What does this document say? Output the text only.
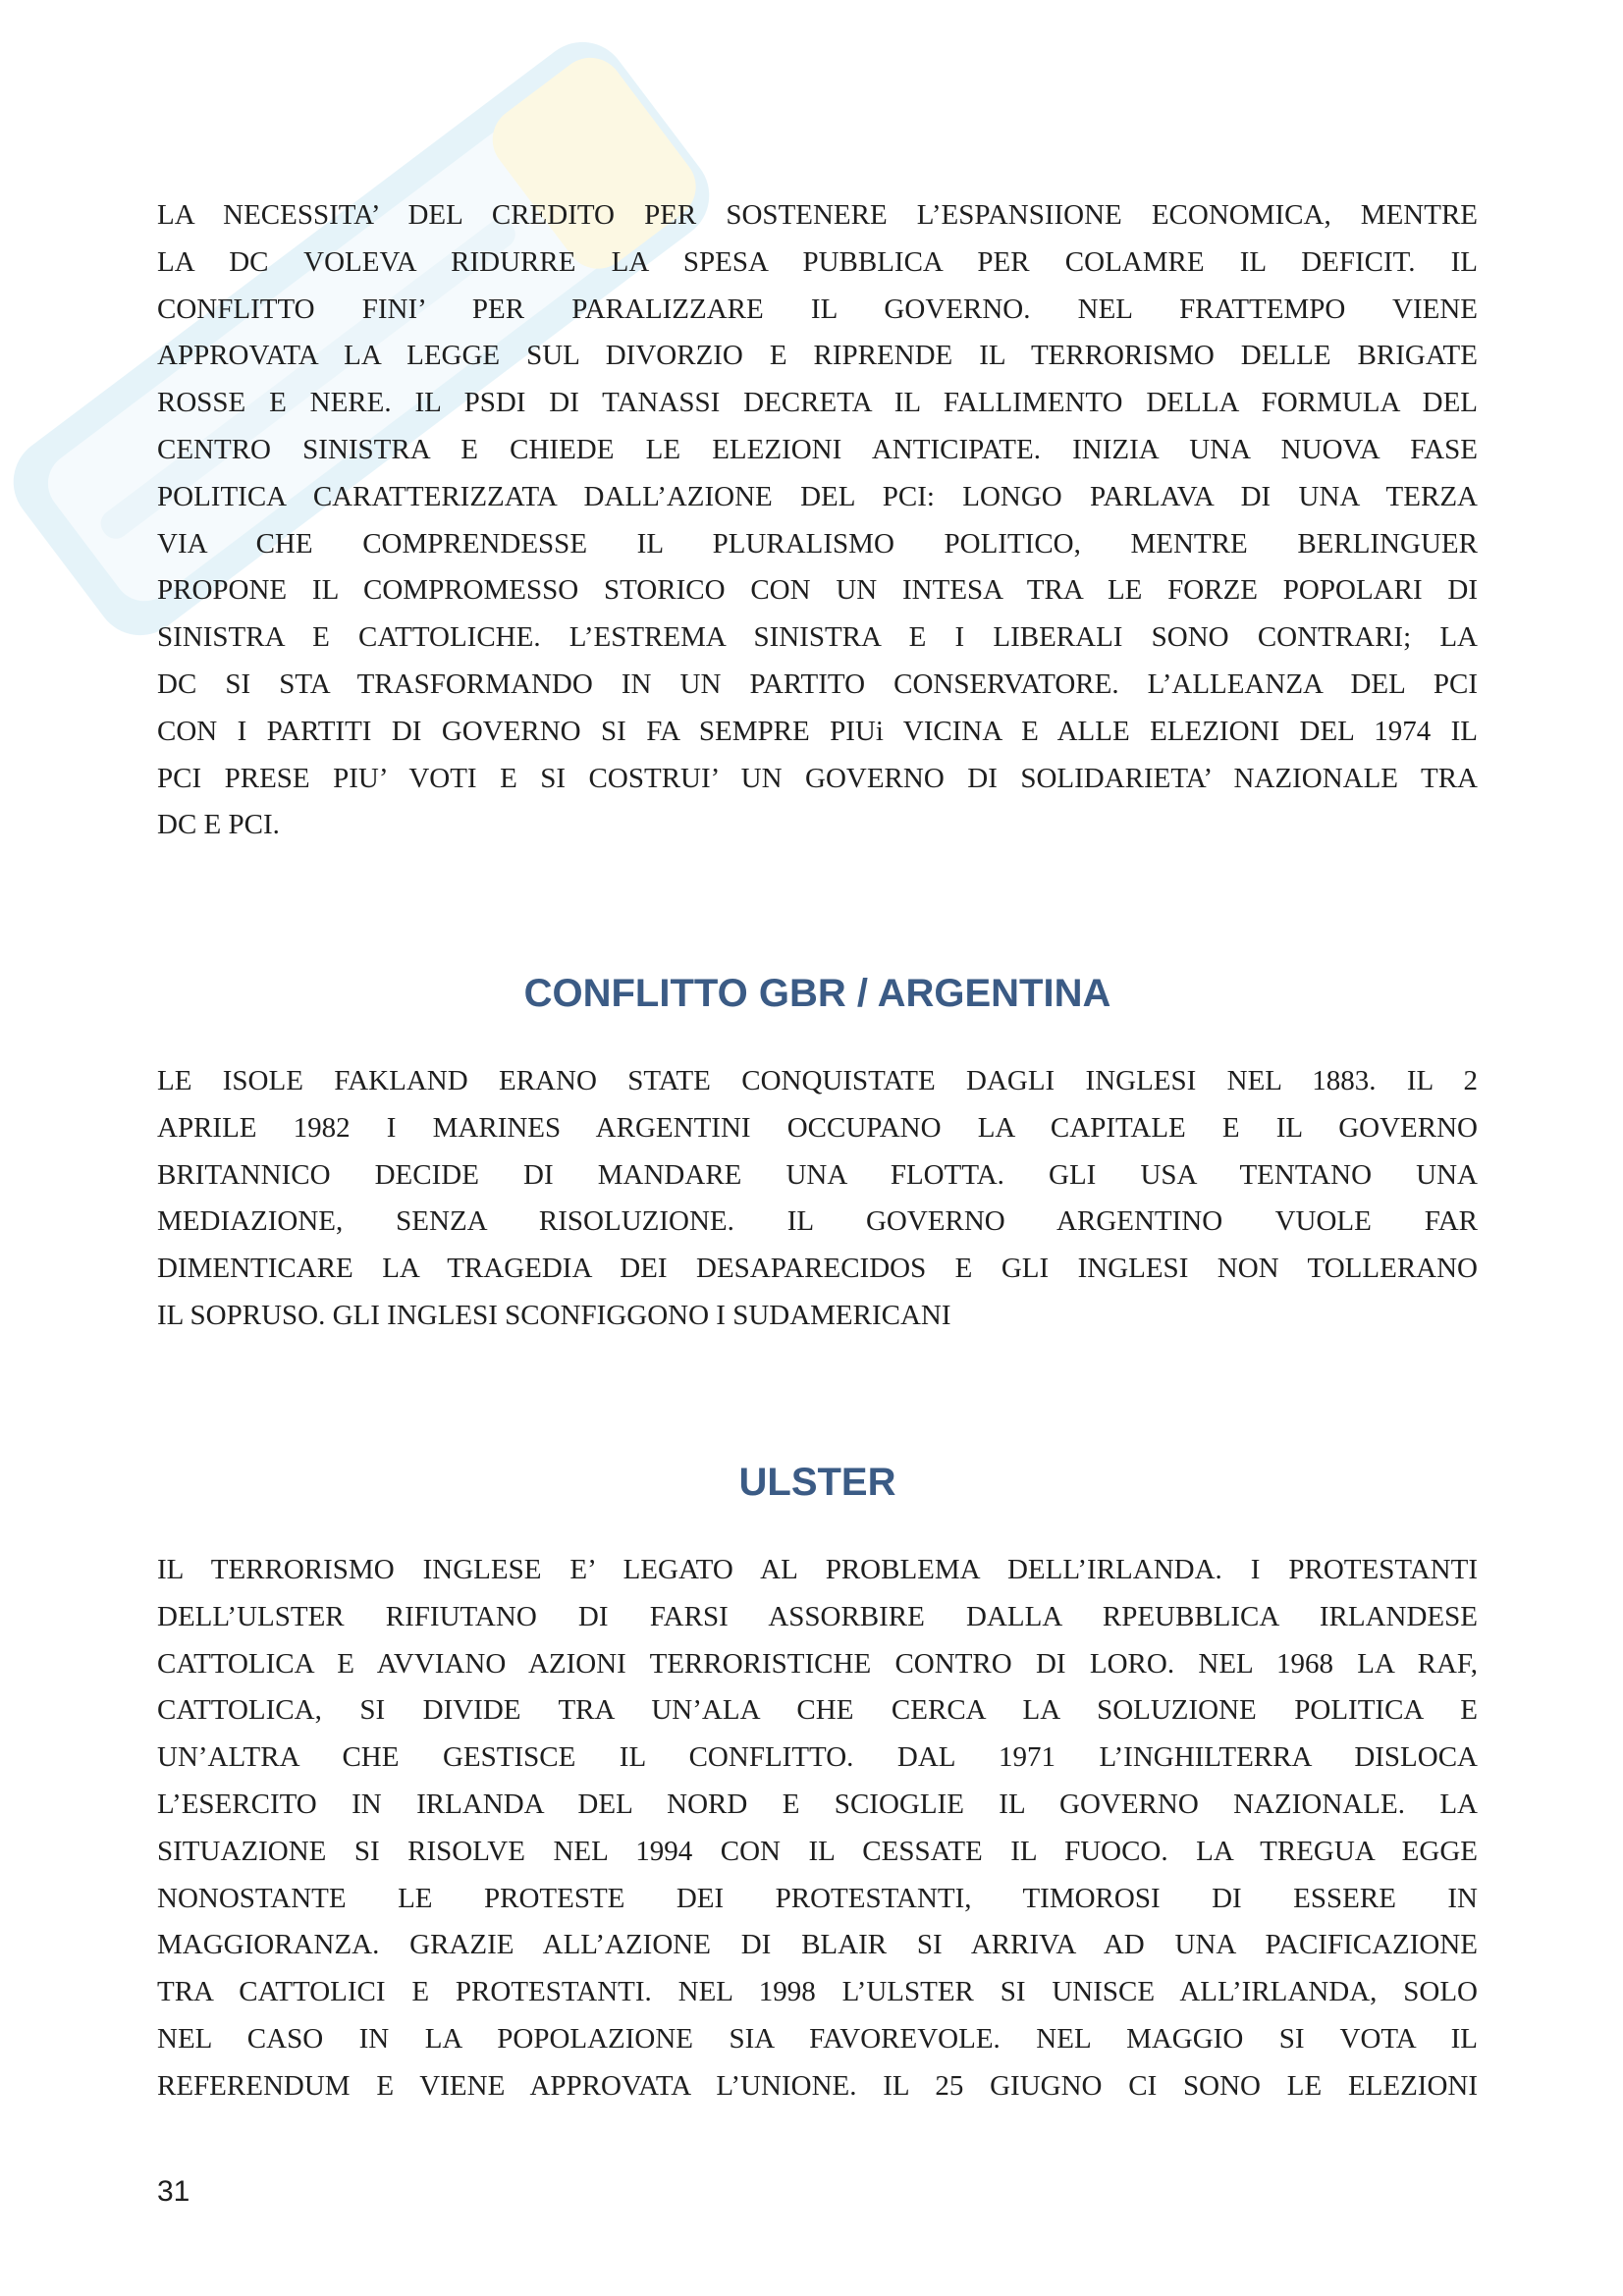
LA NECESSITA’ DEL CREDITO PER SOSTENERE L’ESPANSIIONE ECONOMICA, MENTRE
LA DC VOLEVA RIDURRE LA SPESA PUBBLICA PER COLAMRE IL DEFICIT. IL
CONFLITTO FINI’ PER PARALIZZARE IL GOVERNO. NEL FRATTEMPO VIENE
APPROVATA LA LEGGE SUL DIVORZIO E RIPRENDE IL TERRORISMO DELLE BRIGATE
ROSSE E NERE. IL PSDI DI TANASSI DECRETA IL FALLIMENTO DELLA FORMULA DEL
CENTRO SINISTRA E CHIEDE LE ELEZIONI ANTICIPATE. INIZIA UNA NUOVA FASE
POLITICA CARATTERIZZATA DALL’AZIONE DEL PCI: LONGO PARLAVA DI UNA TERZA
VIA CHE COMPRENDESSE IL PLURALISMO POLITICO, MENTRE BERLINGUER
PROPONE IL COMPROMESSO STORICO CON UN INTESA TRA LE FORZE POPOLARI DI
SINISTRA E CATTOLICHE. L’ESTREMA SINISTRA E I LIBERALI SONO CONTRARI; LA
DC SI STA TRASFORMANDO IN UN PARTITO CONSERVATORE. L’ALLEANZA DEL PCI
CON I PARTITI DI GOVERNO SI FA SEMPRE PIUi VICINA E ALLE ELEZIONI DEL 1974 IL
PCI PRESE PIU’ VOTI E SI COSTRUI’ UN GOVERNO DI SOLIDARIETA’ NAZIONALE TRA
DC E PCI.
CONFLITTO GBR / ARGENTINA
LE ISOLE FAKLAND ERANO STATE CONQUISTATE DAGLI INGLESI NEL 1883. IL 2
APRILE 1982 I MARINES ARGENTINI OCCUPANO LA CAPITALE E IL GOVERNO
BRITANNICO DECIDE DI MANDARE UNA FLOTTA. GLI USA TENTANO UNA
MEDIAZIONE, SENZA RISOLUZIONE. IL GOVERNO ARGENTINO VUOLE FAR
DIMENTICARE LA TRAGEDIA DEI DESAPARECIDOS E GLI INGLESI NON TOLLERANO
IL SOPRUSO. GLI INGLESI SCONFIGGONO I SUDAMERICANI
ULSTER
IL TERRORISMO INGLESE E’ LEGATO AL PROBLEMA DELL’IRLANDA. I PROTESTANTI
DELL’ULSTER RIFIUTANO DI FARSI ASSORBIRE DALLA RPEUBBLICA IRLANDESE
CATTOLICA E AVVIANO AZIONI TERRORISTICHE CONTRO DI LORO. NEL 1968 LA RAF,
CATTOLICA, SI DIVIDE TRA UN’ALA CHE CERCA LA SOLUZIONE POLITICA E
UN’ALTRA CHE GESTISCE IL CONFLITTO. DAL 1971 L’INGHILTERRA DISLOCA
L’ESERCITO IN IRLANDA DEL NORD E SCIOGLIE IL GOVERNO NAZIONALE. LA
SITUAZIONE SI RISOLVE NEL 1994 CON IL CESSATE IL FUOCO. LA TREGUA EGGE
NONOSTANTE LE PROTESTE DEI PROTESTANTI, TIMOROSI DI ESSERE IN
MAGGIORANZA. GRAZIE ALL’AZIONE DI BLAIR SI ARRIVA AD UNA PACIFICAZIONE
TRA CATTOLICI E PROTESTANTI. NEL 1998 L’ULSTER SI UNISCE ALL’IRLANDA, SOLO
NEL CASO IN LA POPOLAZIONE SIA FAVOREVOLE. NEL MAGGIO SI VOTA IL
REFERENDUM E VIENE APPROVATA L’UNIONE. IL 25 GIUGNO CI SONO LE ELEZIONI
31
